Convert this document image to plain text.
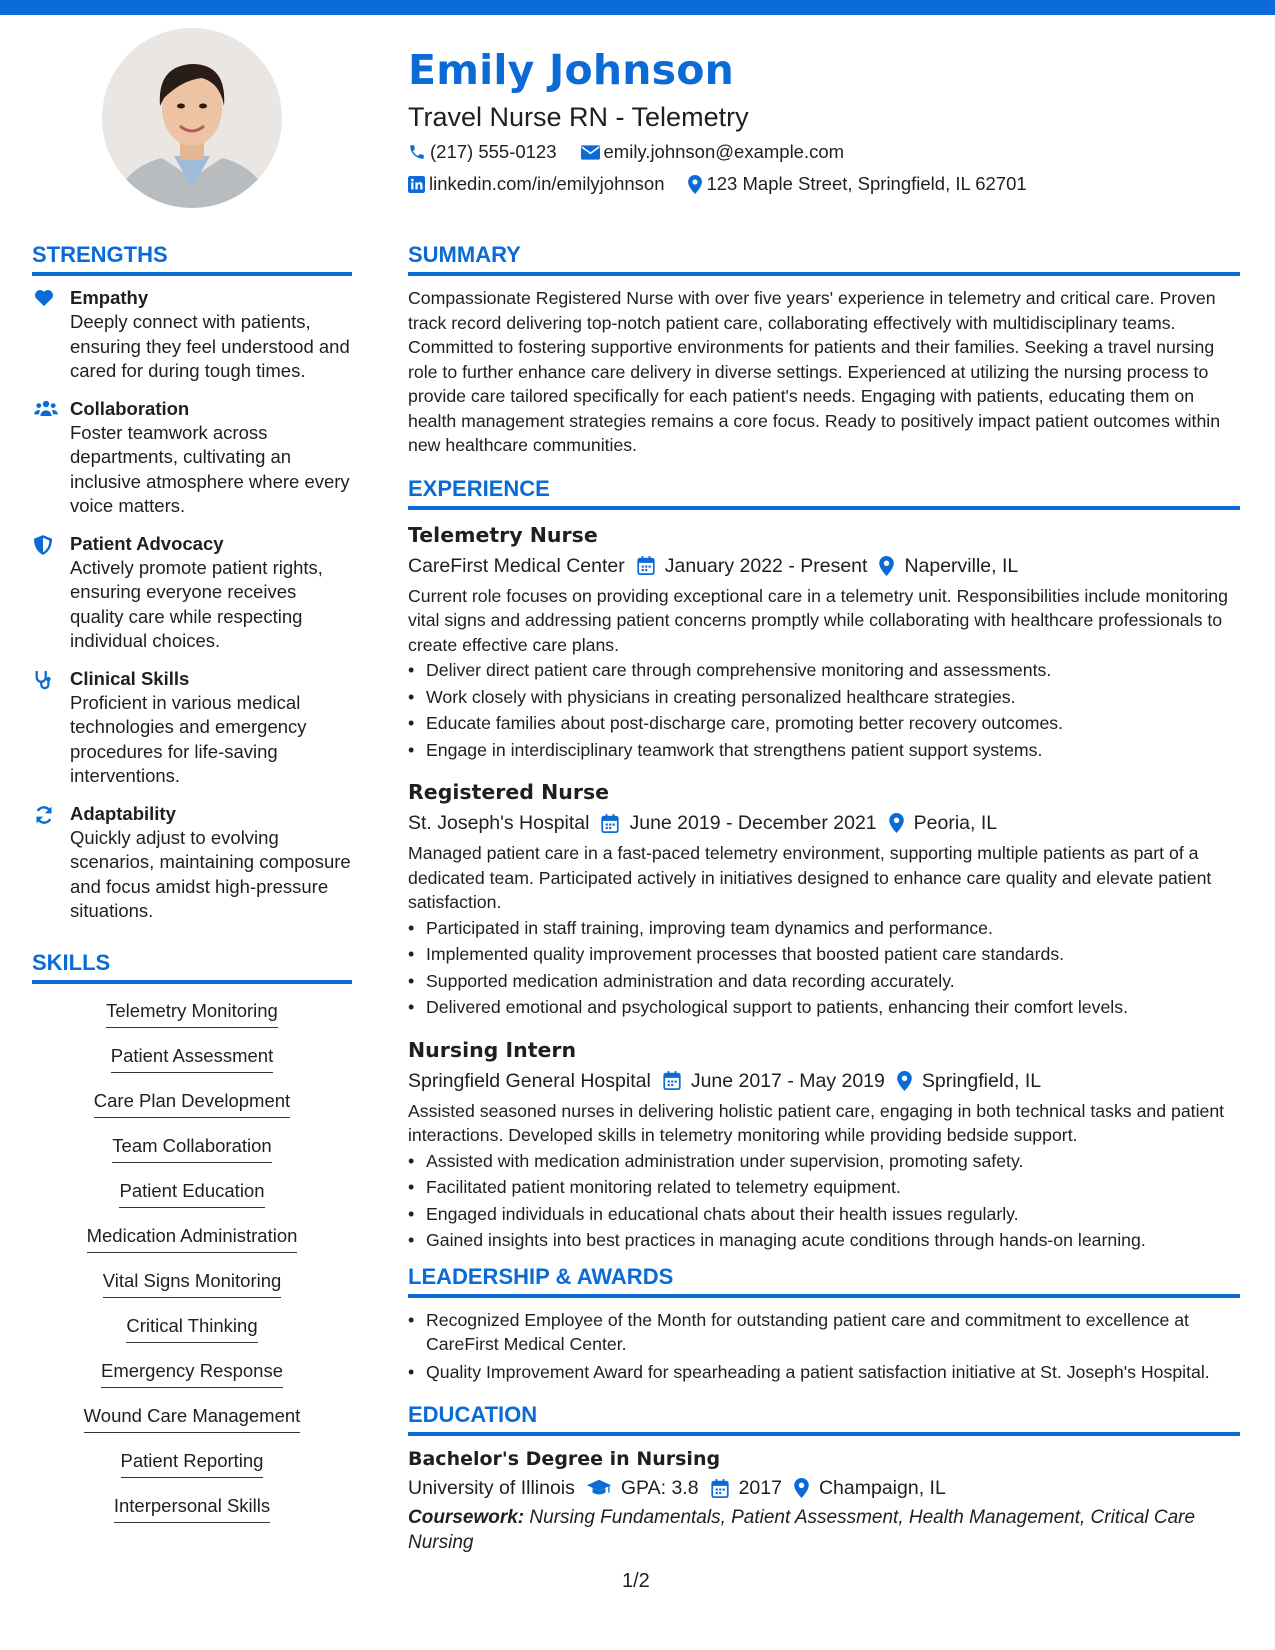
Emily Johnson
Travel Nurse RN - Telemetry
(217) 555-0123	emily.johnson@example.com
linkedin.com/in/emilyjohnson 123 Maple Street, Springfield, IL 62701
STRENGTHS
Empathy
Deeply connect with patients, ensuring they feel understood and cared for during tough times.
Collaboration
Foster teamwork across departments, cultivating an inclusive atmosphere where every voice matters.
Patient Advocacy
Actively promote patient rights, ensuring everyone receives quality care while respecting individual choices.
Clinical Skills
Proficient in various medical technologies and emergency procedures for life-saving interventions.
Adaptability
Quickly adjust to evolving scenarios, maintaining composure and focus amidst high-pressure situations.
SKILLS
Telemetry Monitoring
Patient Assessment
Care Plan Development
Team Collaboration
Patient Education
Medication Administration
Vital Signs Monitoring
Critical Thinking
Emergency Response
Wound Care Management
Patient Reporting
Interpersonal Skills
SUMMARY
Compassionate Registered Nurse with over five years' experience in telemetry and critical care. Proven track record delivering top-notch patient care, collaborating effectively with multidisciplinary teams. Committed to fostering supportive environments for patients and their families. Seeking a travel nursing role to further enhance care delivery in diverse settings. Experienced at utilizing the nursing process to provide care tailored specifically for each patient's needs. Engaging with patients, educating them on health management strategies remains a core focus. Ready to positively impact patient outcomes within new healthcare communities.
EXPERIENCE
Telemetry Nurse
CareFirst Medical Center January 2022 - Present Naperville, IL
Current role focuses on providing exceptional care in a telemetry unit. Responsibilities include monitoring vital signs and addressing patient concerns promptly while collaborating with healthcare professionals to create effective care plans.
• Deliver direct patient care through comprehensive monitoring and assessments.
• Work closely with physicians in creating personalized healthcare strategies.
• Educate families about post-discharge care, promoting better recovery outcomes.
• Engage in interdisciplinary teamwork that strengthens patient support systems.
Registered Nurse
St. Joseph's Hospital June 2019 - December 2021 Peoria, IL
Managed patient care in a fast-paced telemetry environment, supporting multiple patients as part of a dedicated team. Participated actively in initiatives designed to enhance care quality and elevate patient satisfaction.
• Participated in staff training, improving team dynamics and performance.
• Implemented quality improvement processes that boosted patient care standards.
• Supported medication administration and data recording accurately.
• Delivered emotional and psychological support to patients, enhancing their comfort levels.
Nursing Intern
Springfield General Hospital June 2017 - May 2019 Springfield, IL
Assisted seasoned nurses in delivering holistic patient care, engaging in both technical tasks and patient interactions. Developed skills in telemetry monitoring while providing bedside support.
• Assisted with medication administration under supervision, promoting safety.
• Facilitated patient monitoring related to telemetry equipment.
• Engaged individuals in educational chats about their health issues regularly.
• Gained insights into best practices in managing acute conditions through hands-on learning.
LEADERSHIP & AWARDS
• Recognized Employee of the Month for outstanding patient care and commitment to excellence at CareFirst Medical Center.
• Quality Improvement Award for spearheading a patient satisfaction initiative at St. Joseph's Hospital.
EDUCATION
Bachelor's Degree in Nursing
University of Illinois GPA: 3.8 2017 Champaign, IL
Coursework: Nursing Fundamentals, Patient Assessment, Health Management, Critical Care Nursing
1/2
